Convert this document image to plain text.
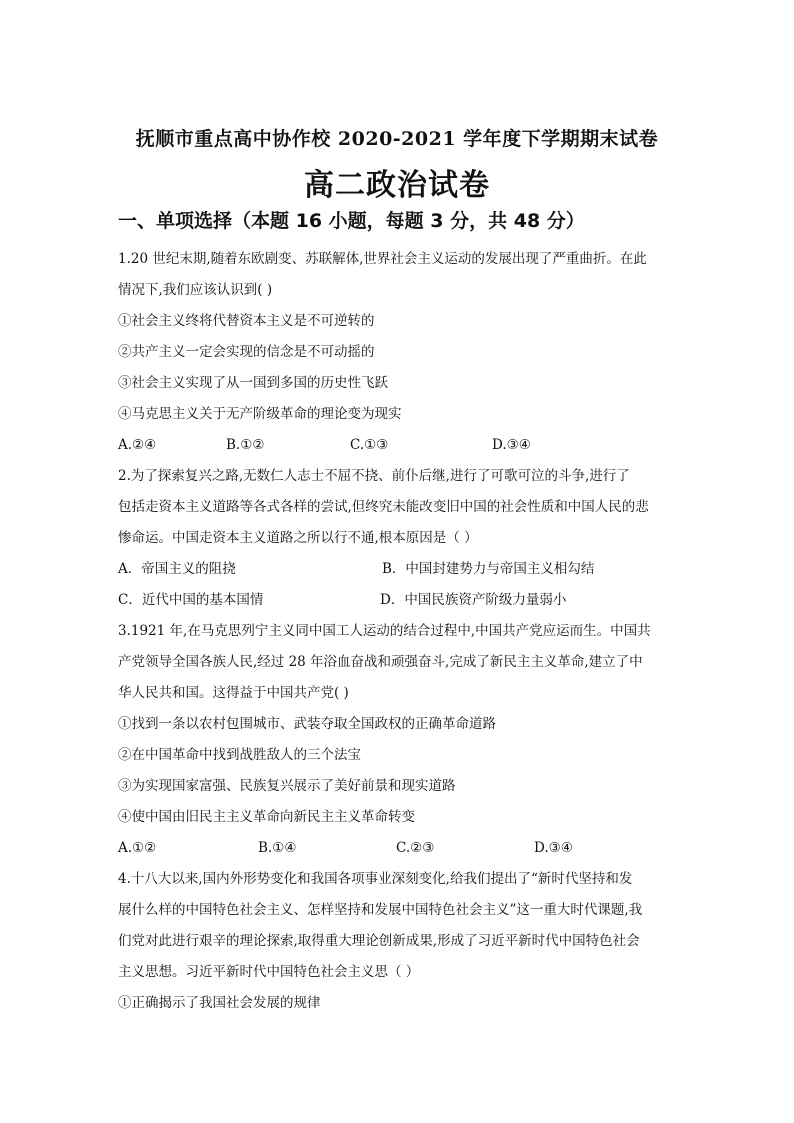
抚顺市重点高中协作校 2020-2021 学年度下学期期末试卷
高二政治试卷
一、单项选择（本题 16 小题，每题 3 分，共 48 分）
1.20 世纪末期,随着东欧剧变、苏联解体,世界社会主义运动的发展出现了严重曲折。在此
情况下,我们应该认识到( )
①社会主义终将代替资本主义是不可逆转的
②共产主义一定会实现的信念是不可动摇的
③社会主义实现了从一国到多国的历史性飞跃
④马克思主义关于无产阶级革命的理论变为现实
A.②④	B.①②	C.①③	D.③④
2.为了探索复兴之路,无数仁人志士不屈不挠、前仆后继,进行了可歌可泣的斗争,进行了
包括走资本主义道路等各式各样的尝试,但终究未能改变旧中国的社会性质和中国人民的悲
惨命运。中国走资本主义道路之所以行不通,根本原因是（ ）
A．帝国主义的阻挠	B．中国封建势力与帝国主义相勾结
C．近代中国的基本国情	D．中国民族资产阶级力量弱小
3.1921 年,在马克思列宁主义同中国工人运动的结合过程中,中国共产党应运而生。中国共
产党领导全国各族人民,经过 28 年浴血奋战和顽强奋斗,完成了新民主主义革命,建立了中
华人民共和国。这得益于中国共产党( )
①找到一条以农村包围城市、武装夺取全国政权的正确革命道路
②在中国革命中找到战胜敌人的三个法宝
③为实现国家富强、民族复兴展示了美好前景和现实道路
④使中国由旧民主主义革命向新民主主义革命转变
A.①②	B.①④	C.②③	D.③④
4.十八大以来,国内外形势变化和我国各项事业深刻变化,给我们提出了“新时代坚持和发
展什么样的中国特色社会主义、怎样坚持和发展中国特色社会主义”这一重大时代课题,我
们党对此进行艰辛的理论探索,取得重大理论创新成果,形成了习近平新时代中国特色社会
主义思想。习近平新时代中国特色社会主义思（ ）
①正确揭示了我国社会发展的规律
